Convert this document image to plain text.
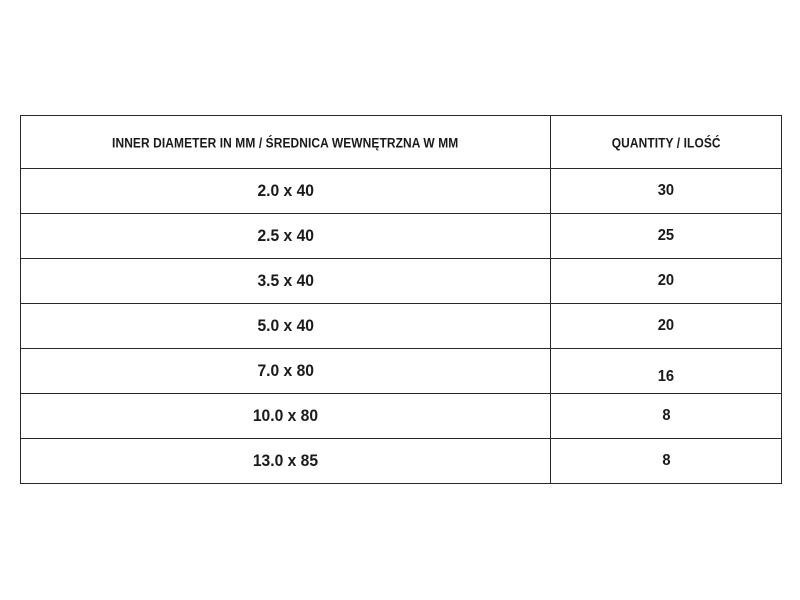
INNER DIAMETER IN MM / ŚREDNICA WEWNĘTRZNA W MM	QUANTITY / ILOŚĆ
2.0 x 40	30
2.5 x 40	25
3.5 x 40	20
5.0 x 40	20
7.0 x 80	16
10.0 x 80	8
13.0 x 85	8
